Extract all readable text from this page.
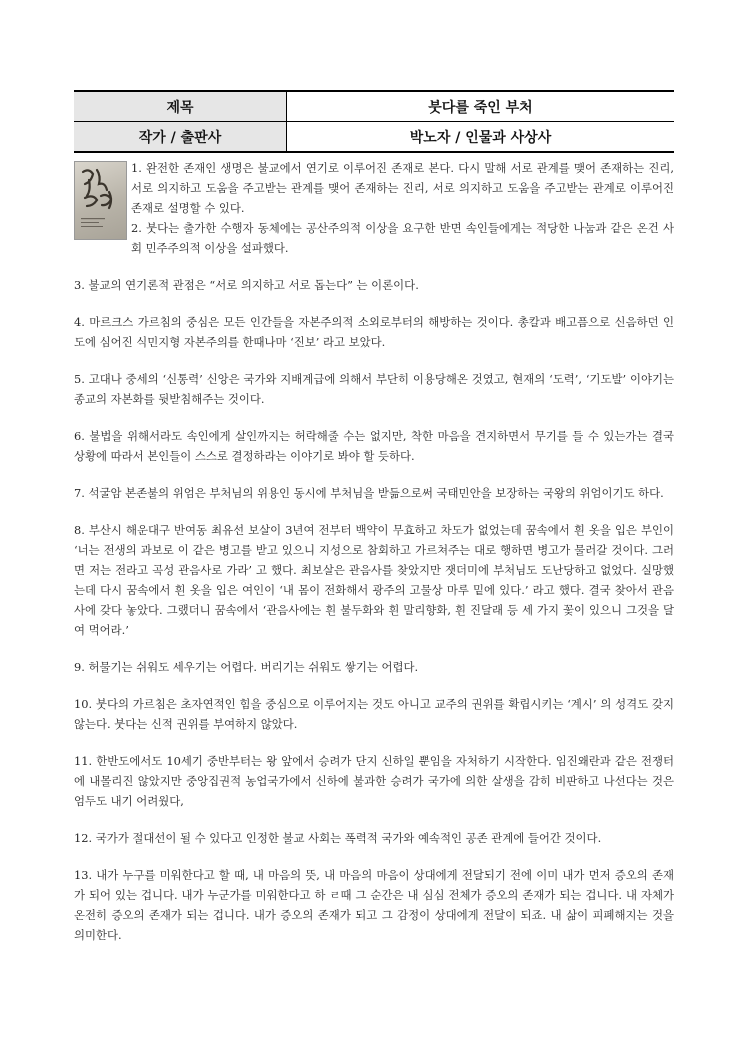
제목	붓다를 죽인 부처
작가 / 출판사	박노자 / 인물과 사상사

1. 완전한 존재인 생명은 불교에서 연기로 이루어진 존재로 본다. 다시 말해 서로 관계를 맺어 존재하는 진리, 서로 의지하고 도움을 주고받는 관계를 맺어 존재하는 진리, 서로 의지하고 도움을 주고받는 관계로 이루어진 존재로 설명할 수 있다.

2. 붓다는 출가한 수행자 동체에는 공산주의적 이상을 요구한 반면 속인들에게는 적당한 나눔과 같은 온건 사회 민주주의적 이상을 설파했다.

3. 불교의 연기론적 관점은 “서로 의지하고 서로 돕는다” 는 이론이다.

4. 마르크스 가르침의 중심은 모든 인간들을 자본주의적 소외로부터의 해방하는 것이다. 총칼과 배고픔으로 신음하던 인도에 심어진 식민지형 자본주의를 한때나마 ‘진보’ 라고 보았다.

5. 고대나 중세의 ‘신통력’ 신앙은 국가와 지배계급에 의해서 부단히 이용당해온 것였고, 현재의 ‘도력’, ‘기도발’ 이야기는 종교의 자본화를 뒷받침해주는 것이다.

6. 불법을 위해서라도 속인에게 살인까지는 허락해줄 수는 없지만, 착한 마음을 견지하면서 무기를 들 수 있는가는 결국 상황에 따라서 본인들이 스스로 결정하라는 이야기로 봐야 할 듯하다.

7. 석굴암 본존불의 위엄은 부처님의 위용인 동시에 부처님을 받듦으로써 국태민안을 보장하는 국왕의 위엄이기도 하다.

8. 부산시 해운대구 반여동 최유선 보살이 3년여 전부터 백약이 무효하고 차도가 없었는데 꿈속에서 흰 옷을 입은 부인이 ‘너는 전생의 과보로 이 같은 병고를 받고 있으니 지성으로 참회하고 가르쳐주는 대로 행하면 병고가 물러갈 것이다. 그러면 저는 전라고 곡성 관음사로 가라’ 고 했다. 최보살은 관음사를 찾았지만 잿더미에 부처님도 도난당하고 없었다. 실망했는데 다시 꿈속에서 흰 옷을 입은 여인이 ‘내 몸이 전화해서 광주의 고물상 마루 밑에 있다.’ 라고 했다. 결국 찾아서 관음사에 갖다 놓았다. 그랬더니 꿈속에서 ‘관음사에는 흰 불두화와 흰 말리향화, 흰 진달래 등 세 가지 꽃이 있으니 그것을 달여 먹어라.’

9. 허물기는 쉬워도 세우기는 어렵다. 버리기는 쉬워도 쌓기는 어렵다.

10. 붓다의 가르침은 초자연적인 힘을 중심으로 이루어지는 것도 아니고 교주의 권위를 확립시키는 ‘계시’ 의 성격도 갖지 않는다. 붓다는 신적 권위를 부여하지 않았다.

11. 한반도에서도 10세기 중반부터는 왕 앞에서 승려가 단지 신하일 뿐임을 자처하기 시작한다. 임진왜란과 같은 전쟁터에 내몰리진 않았지만 중앙집권적 농업국가에서 신하에 불과한 승려가 국가에 의한 살생을 감히 비판하고 나선다는 것은 엄두도 내기 어려웠다,

12. 국가가 절대선이 될 수 있다고 인정한 불교 사회는 폭력적 국가와 예속적인 공존 관계에 들어간 것이다.

13. 내가 누구를 미워한다고 할 때, 내 마음의 뜻, 내 마음의 마음이 상대에게 전달되기 전에 이미 내가 먼저 증오의 존재가 되어 있는 겁니다. 내가 누군가를 미워한다고 하 ㄹ때 그 순간은 내 심심 전체가 증오의 존재가 되는 겁니다. 내 자체가 온전히 증오의 존재가 되는 겁니다. 내가 증오의 존재가 되고 그 감정이 상대에게 전달이 되죠. 내 삶이 피폐해지는 것을 의미한다.
